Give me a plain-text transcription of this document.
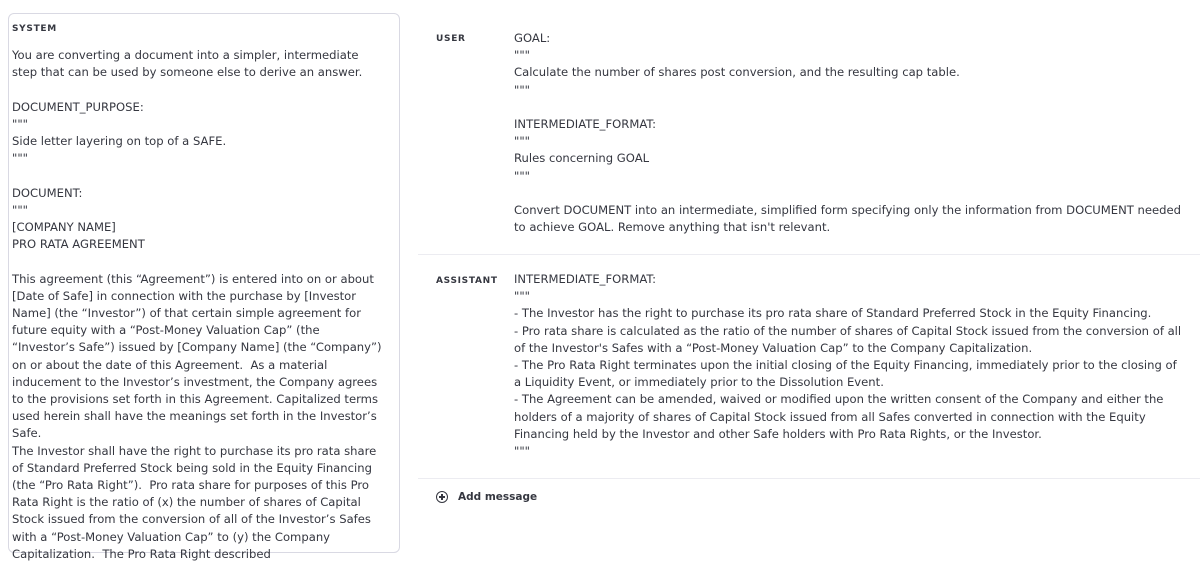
SYSTEM
You are converting a document into a simpler, intermediate step that can be used by someone else to derive an answer.

DOCUMENT_PURPOSE:
"""
Side letter layering on top of a SAFE.
"""

DOCUMENT:
"""
[COMPANY NAME]
PRO RATA AGREEMENT

This agreement (this “Agreement”) is entered into on or about [Date of Safe] in connection with the purchase by [Investor Name] (the “Investor”) of that certain simple agreement for future equity with a “Post-Money Valuation Cap” (the “Investor’s Safe”) issued by [Company Name] (the “Company”) on or about the date of this Agreement.  As a material inducement to the Investor’s investment, the Company agrees to the provisions set forth in this Agreement. Capitalized terms used herein shall have the meanings set forth in the Investor’s Safe.
The Investor shall have the right to purchase its pro rata share of Standard Preferred Stock being sold in the Equity Financing (the “Pro Rata Right”).  Pro rata share for purposes of this Pro Rata Right is the ratio of (x) the number of shares of Capital Stock issued from the conversion of all of the Investor’s Safes with a “Post-Money Valuation Cap” to (y) the Company Capitalization.  The Pro Rata Right described
USER	GOAL:
"""
Calculate the number of shares post conversion, and the resulting cap table.
"""

INTERMEDIATE_FORMAT:
"""
Rules concerning GOAL
"""

Convert DOCUMENT into an intermediate, simplified form specifying only the information from DOCUMENT needed to achieve GOAL. Remove anything that isn't relevant.
ASSISTANT INTERMEDIATE_FORMAT:
"""
- The Investor has the right to purchase its pro rata share of Standard Preferred Stock in the Equity Financing.
- Pro rata share is calculated as the ratio of the number of shares of Capital Stock issued from the conversion of all of the Investor's Safes with a “Post-Money Valuation Cap” to the Company Capitalization.
- The Pro Rata Right terminates upon the initial closing of the Equity Financing, immediately prior to the closing of a Liquidity Event, or immediately prior to the Dissolution Event.
- The Agreement can be amended, waived or modified upon the written consent of the Company and either the holders of a majority of shares of Capital Stock issued from all Safes converted in connection with the Equity Financing held by the Investor and other Safe holders with Pro Rata Rights, or the Investor.
"""
Add message
